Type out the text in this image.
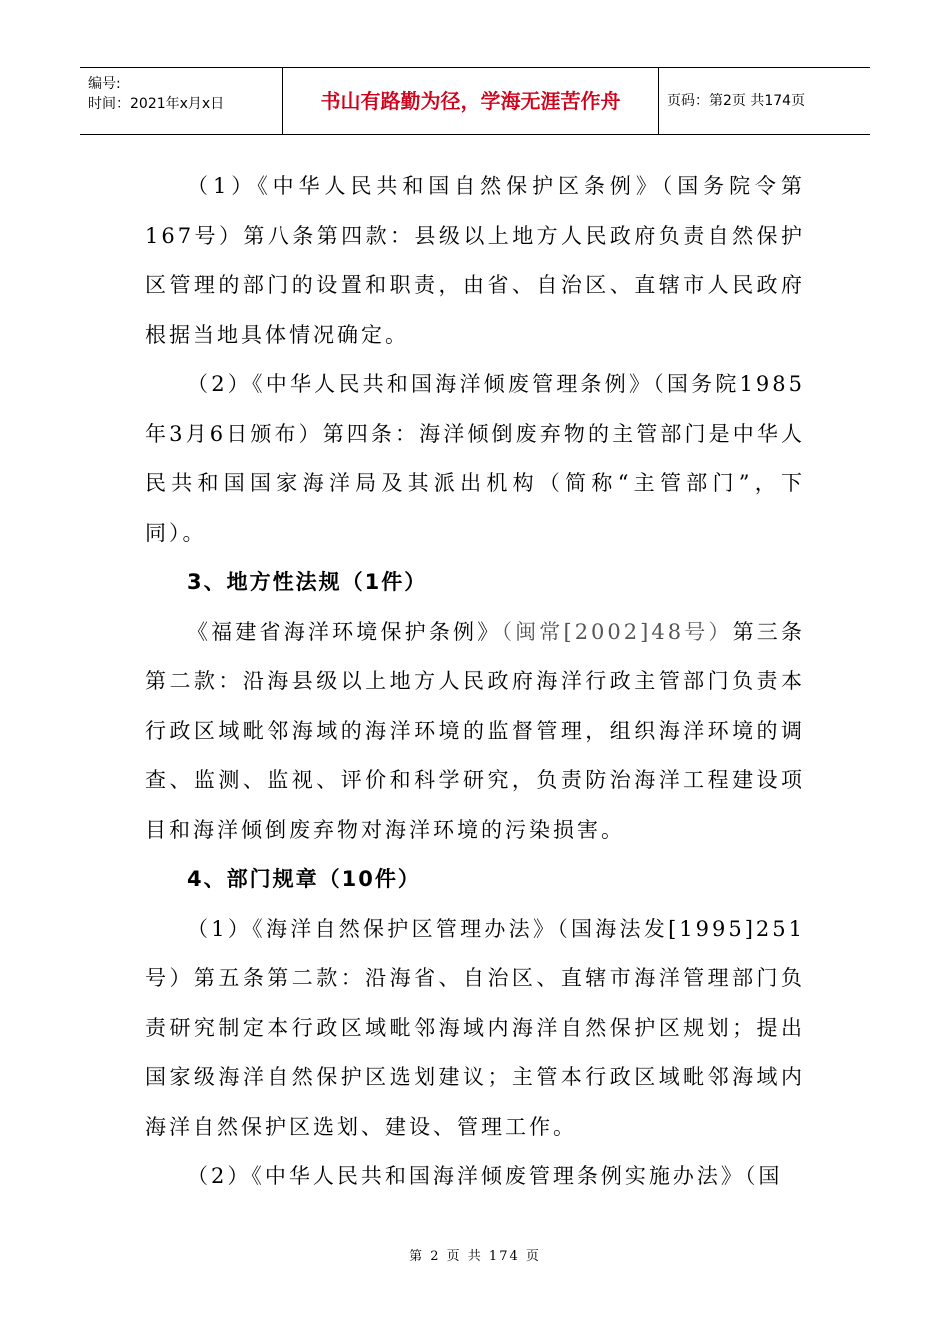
编号:
时间：2021年x月x日	书山有路勤为径，学海无涯苦作舟	页码：第2页 共174页

（1）《中华人民共和国自然保护区条例》（国务院令第167号）第八条第四款：县级以上地方人民政府负责自然保护区管理的部门的设置和职责，由省、自治区、直辖市人民政府根据当地具体情况确定。

（2）《中华人民共和国海洋倾废管理条例》（国务院1985年3月6日颁布）第四条：海洋倾倒废弃物的主管部门是中华人民共和国国家海洋局及其派出机构（简称“主管部门”，下同）。

3、地方性法规（1件）

《福建省海洋环境保护条例》（闽常[2002]48号）第三条第二款：沿海县级以上地方人民政府海洋行政主管部门负责本行政区域毗邻海域的海洋环境的监督管理，组织海洋环境的调查、监测、监视、评价和科学研究，负责防治海洋工程建设项目和海洋倾倒废弃物对海洋环境的污染损害。

4、部门规章（10件）

（1）《海洋自然保护区管理办法》（国海法发[1995]251号）第五条第二款：沿海省、自治区、直辖市海洋管理部门负责研究制定本行政区域毗邻海域内海洋自然保护区规划；提出国家级海洋自然保护区选划建议；主管本行政区域毗邻海域内海洋自然保护区选划、建设、管理工作。

（2）《中华人民共和国海洋倾废管理条例实施办法》（国

第 2 页 共 174 页
